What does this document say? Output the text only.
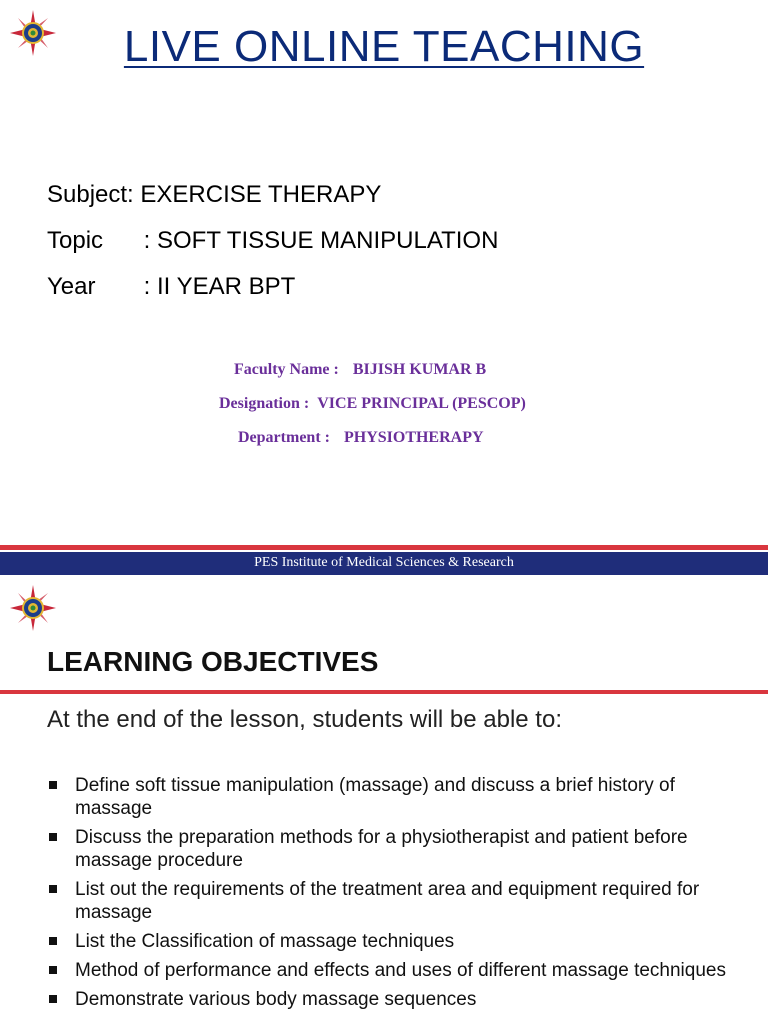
LIVE ONLINE TEACHING
Subject: EXERCISE THERAPY
Topic : SOFT TISSUE MANIPULATION
Year : II YEAR BPT
Faculty Name : BIJISH KUMAR B
Designation : VICE PRINCIPAL (PESCOP)
Department : PHYSIOTHERAPY
PES Institute of Medical Sciences & Research
LEARNING OBJECTIVES
At the end of the lesson, students will be able to:
Define soft tissue manipulation (massage) and discuss a brief history of massage
Discuss the preparation methods for a physiotherapist and patient before massage procedure
List out the requirements of the treatment area and equipment required for massage
List the Classification of massage techniques
Method of performance and effects and uses of different massage techniques
Demonstrate various body massage sequences
